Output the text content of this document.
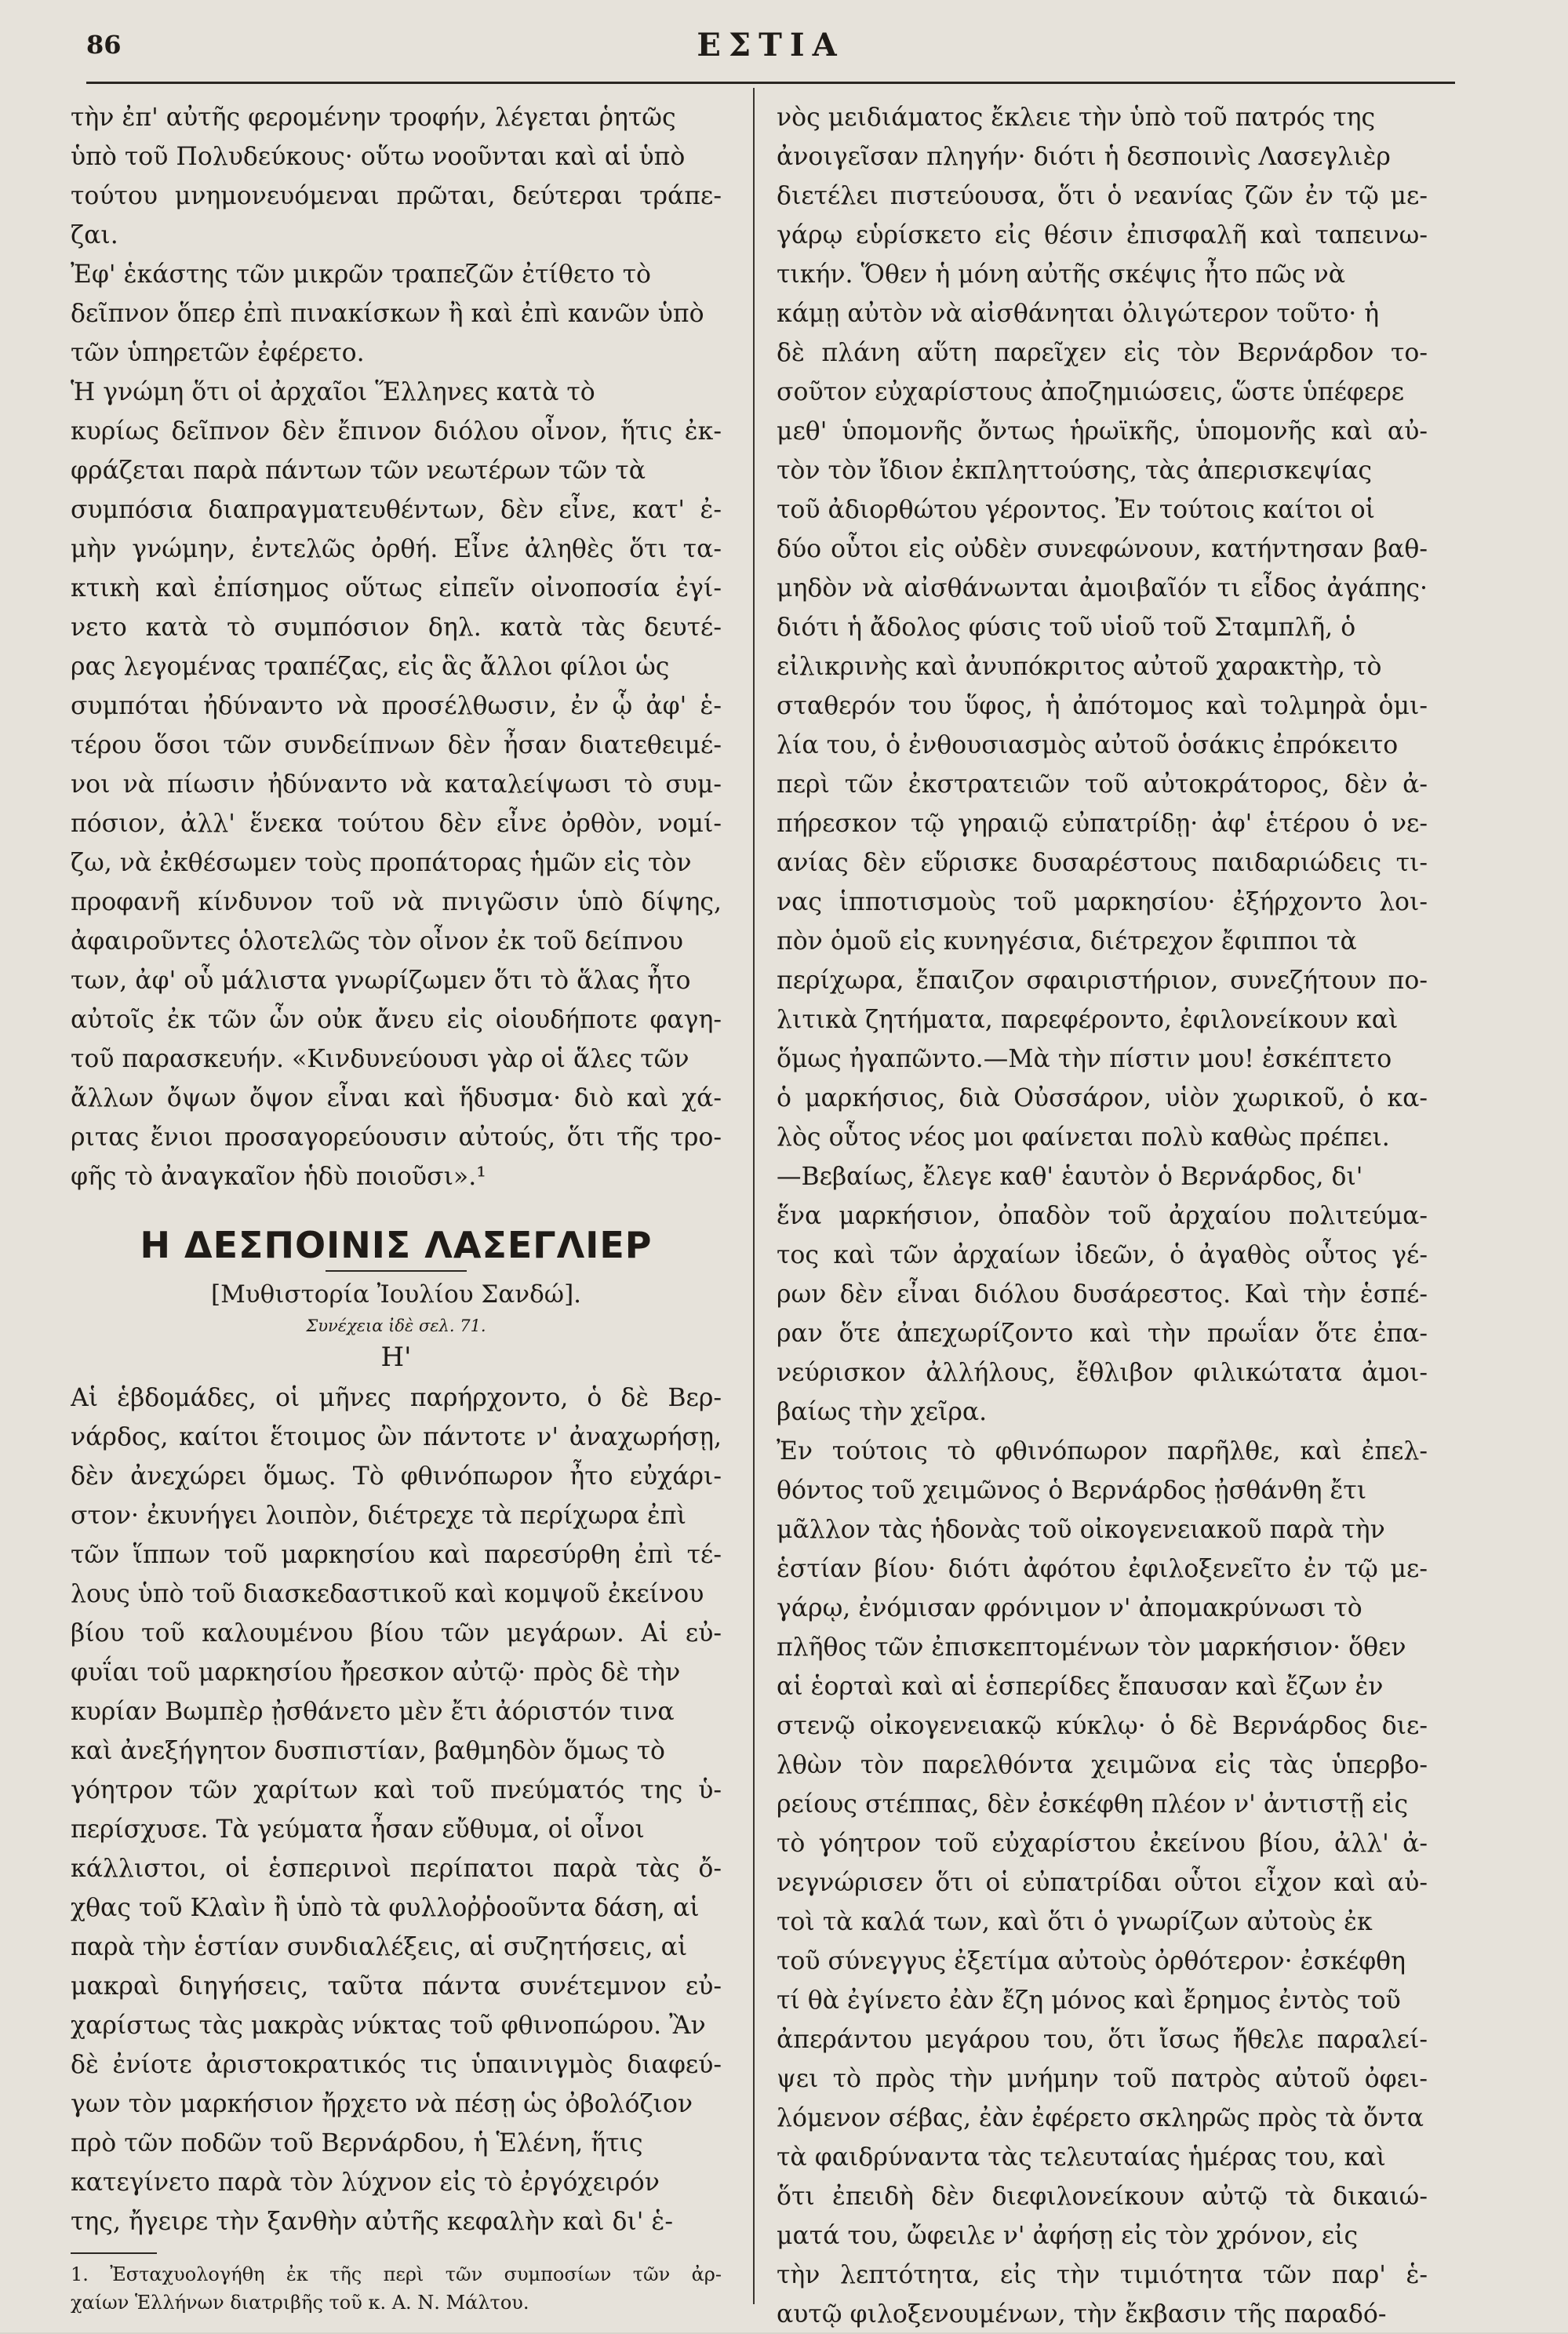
86	ΕΣΤΙΑ
τὴν ἐπ' αὐτῆς φερομένην τροφήν, λέγεται ῥητῶς
ὑπὸ τοῦ Πολυδεύκους· οὕτω νοοῦνται καὶ αἱ ὑπὸ
τούτου μνημονευόμεναι πρῶται, δεύτεραι τράπε-
ζαι.
Ἐφ' ἑκάστης τῶν μικρῶν τραπεζῶν ἐτίθετο τὸ
δεῖπνον ὅπερ ἐπὶ πινακίσκων ἢ καὶ ἐπὶ κανῶν ὑπὸ
τῶν ὑπηρετῶν ἐφέρετο.
Ἡ γνώμη ὅτι οἱ ἀρχαῖοι Ἕλληνες κατὰ τὸ
κυρίως δεῖπνον δὲν ἔπινον διόλου οἶνον, ἥτις ἐκ-
φράζεται παρὰ πάντων τῶν νεωτέρων τῶν τὰ
συμπόσια διαπραγματευθέντων, δὲν εἶνε, κατ' ἐ-
μὴν γνώμην, ἐντελῶς ὀρθή. Εἶνε ἀληθὲς ὅτι τα-
κτικὴ καὶ ἐπίσημος οὕτως εἰπεῖν οἰνοποσία ἐγί-
νετο κατὰ τὸ συμπόσιον δηλ. κατὰ τὰς δευτέ-
ρας λεγομένας τραπέζας, εἰς ἃς ἄλλοι φίλοι ὡς
συμπόται ἠδύναντο νὰ προσέλθωσιν, ἐν ᾧ ἀφ' ἑ-
τέρου ὅσοι τῶν συνδείπνων δὲν ἦσαν διατεθειμέ-
νοι νὰ πίωσιν ἠδύναντο νὰ καταλείψωσι τὸ συμ-
πόσιον, ἀλλ' ἕνεκα τούτου δὲν εἶνε ὀρθὸν, νομί-
ζω, νὰ ἐκθέσωμεν τοὺς προπάτορας ἡμῶν εἰς τὸν
προφανῆ κίνδυνον τοῦ νὰ πνιγῶσιν ὑπὸ δίψης,
ἀφαιροῦντες ὁλοτελῶς τὸν οἶνον ἐκ τοῦ δείπνου
των, ἀφ' οὗ μάλιστα γνωρίζωμεν ὅτι τὸ ἅλας ἦτο
αὐτοῖς ἐκ τῶν ὧν οὐκ ἄνευ εἰς οἱουδήποτε φαγη-
τοῦ παρασκευήν. «Κινδυνεύουσι γὰρ οἱ ἅλες τῶν
ἄλλων ὄψων ὄψον εἶναι καὶ ἥδυσμα· διὸ καὶ χά-
ριτας ἔνιοι προσαγορεύουσιν αὐτούς, ὅτι τῆς τρο-
φῆς τὸ ἀναγκαῖον ἡδὺ ποιοῦσι».¹
Η ΔΕΣΠΟΙΝΙΣ ΛΑΣΕΓΛΙΕΡ
[Μυθιστορία Ἰουλίου Σανδώ].
Συνέχεια ἰδὲ σελ. 71.
Η'
Αἱ ἑβδομάδες, οἱ μῆνες παρήρχοντο, ὁ δὲ Βερ-
νάρδος, καίτοι ἕτοιμος ὢν πάντοτε ν' ἀναχωρήσῃ,
δὲν ἀνεχώρει ὅμως. Τὸ φθινόπωρον ἦτο εὐχάρι-
στον· ἐκυνήγει λοιπὸν, διέτρεχε τὰ περίχωρα ἐπὶ
τῶν ἵππων τοῦ μαρκησίου καὶ παρεσύρθη ἐπὶ τέ-
λους ὑπὸ τοῦ διασκεδαστικοῦ καὶ κομψοῦ ἐκείνου
βίου τοῦ καλουμένου βίου τῶν μεγάρων. Αἱ εὐ-
φυΐαι τοῦ μαρκησίου ἤρεσκον αὐτῷ· πρὸς δὲ τὴν
κυρίαν Βωμπὲρ ᾐσθάνετο μὲν ἔτι ἀόριστόν τινα
καὶ ἀνεξήγητον δυσπιστίαν, βαθμηδὸν ὅμως τὸ
γόητρον τῶν χαρίτων καὶ τοῦ πνεύματός της ὑ-
περίσχυσε. Τὰ γεύματα ἦσαν εὔθυμα, οἱ οἶνοι
κάλλιστοι, οἱ ἑσπερινοὶ περίπατοι παρὰ τὰς ὄ-
χθας τοῦ Κλαὶν ἢ ὑπὸ τὰ φυλλοῤῥοοῦντα δάση, αἱ
παρὰ τὴν ἑστίαν συνδιαλέξεις, αἱ συζητήσεις, αἱ
μακραὶ διηγήσεις, ταῦτα πάντα συνέτεμνον εὐ-
χαρίστως τὰς μακρὰς νύκτας τοῦ φθινοπώρου. Ἂν
δὲ ἐνίοτε ἀριστοκρατικός τις ὑπαινιγμὸς διαφεύ-
γων τὸν μαρκήσιον ἤρχετο νὰ πέσῃ ὡς ὀβολόζιον
πρὸ τῶν ποδῶν τοῦ Βερνάρδου, ἡ Ἑλένη, ἥτις
κατεγίνετο παρὰ τὸν λύχνον εἰς τὸ ἐργόχειρόν
της, ἤγειρε τὴν ξανθὴν αὐτῆς κεφαλὴν καὶ δι' ἑ-
1. Ἐσταχυολογήθη ἐκ τῆς περὶ τῶν συμποσίων τῶν ἀρ-
χαίων Ἑλλήνων διατριβῆς τοῦ κ. Α. Ν. Μάλτου.
νὸς μειδιάματος ἔκλειε τὴν ὑπὸ τοῦ πατρός της
ἀνοιγεῖσαν πληγήν· διότι ἡ δεσποινὶς Λασεγλιὲρ
διετέλει πιστεύουσα, ὅτι ὁ νεανίας ζῶν ἐν τῷ με-
γάρῳ εὑρίσκετο εἰς θέσιν ἐπισφαλῆ καὶ ταπεινω-
τικήν. Ὅθεν ἡ μόνη αὐτῆς σκέψις ἦτο πῶς νὰ
κάμῃ αὐτὸν νὰ αἰσθάνηται ὀλιγώτερον τοῦτο· ἡ
δὲ πλάνη αὕτη παρεῖχεν εἰς τὸν Βερνάρδον το-
σοῦτον εὐχαρίστους ἀποζημιώσεις, ὥστε ὑπέφερε
μεθ' ὑπομονῆς ὄντως ἡρωϊκῆς, ὑπομονῆς καὶ αὐ-
τὸν τὸν ἴδιον ἐκπληττούσης, τὰς ἀπερισκεψίας
τοῦ ἀδιορθώτου γέροντος. Ἐν τούτοις καίτοι οἱ
δύο οὗτοι εἰς οὐδὲν συνεφώνουν, κατήντησαν βαθ-
μηδὸν νὰ αἰσθάνωνται ἀμοιβαῖόν τι εἶδος ἀγάπης·
διότι ἡ ἄδολος φύσις τοῦ υἱοῦ τοῦ Σταμπλῆ, ὁ
εἰλικρινὴς καὶ ἀνυπόκριτος αὐτοῦ χαρακτὴρ, τὸ
σταθερόν του ὕφος, ἡ ἀπότομος καὶ τολμηρὰ ὁμι-
λία του, ὁ ἐνθουσιασμὸς αὐτοῦ ὁσάκις ἐπρόκειτο
περὶ τῶν ἐκστρατειῶν τοῦ αὐτοκράτορος, δὲν ἀ-
πήρεσκον τῷ γηραιῷ εὐπατρίδῃ· ἀφ' ἑτέρου ὁ νε-
ανίας δὲν εὕρισκε δυσαρέστους παιδαριώδεις τι-
νας ἱπποτισμοὺς τοῦ μαρκησίου· ἐξήρχοντο λοι-
πὸν ὁμοῦ εἰς κυνηγέσια, διέτρεχον ἔφιπποι τὰ
περίχωρα, ἔπαιζον σφαιριστήριον, συνεζήτουν πο-
λιτικὰ ζητήματα, παρεφέροντο, ἐφιλονείκουν καὶ
ὅμως ἠγαπῶντο.—Μὰ τὴν πίστιν μου! ἐσκέπτετο
ὁ μαρκήσιος, διὰ Οὐσσάρον, υἱὸν χωρικοῦ, ὁ κα-
λὸς οὗτος νέος μοι φαίνεται πολὺ καθὼς πρέπει.
—Βεβαίως, ἔλεγε καθ' ἑαυτὸν ὁ Βερνάρδος, δι'
ἕνα μαρκήσιον, ὀπαδὸν τοῦ ἀρχαίου πολιτεύμα-
τος καὶ τῶν ἀρχαίων ἰδεῶν, ὁ ἀγαθὸς οὗτος γέ-
ρων δὲν εἶναι διόλου δυσάρεστος. Καὶ τὴν ἑσπέ-
ραν ὅτε ἀπεχωρίζοντο καὶ τὴν πρωΐαν ὅτε ἐπα-
νεύρισκον ἀλλήλους, ἔθλιβον φιλικώτατα ἀμοι-
βαίως τὴν χεῖρα.
Ἐν τούτοις τὸ φθινόπωρον παρῆλθε, καὶ ἐπελ-
θόντος τοῦ χειμῶνος ὁ Βερνάρδος ᾐσθάνθη ἔτι
μᾶλλον τὰς ἡδονὰς τοῦ οἰκογενειακοῦ παρὰ τὴν
ἑστίαν βίου· διότι ἀφότου ἐφιλοξενεῖτο ἐν τῷ με-
γάρῳ, ἐνόμισαν φρόνιμον ν' ἀπομακρύνωσι τὸ
πλῆθος τῶν ἐπισκεπτομένων τὸν μαρκήσιον· ὅθεν
αἱ ἑορταὶ καὶ αἱ ἑσπερίδες ἔπαυσαν καὶ ἔζων ἐν
στενῷ οἰκογενειακῷ κύκλῳ· ὁ δὲ Βερνάρδος διε-
λθὼν τὸν παρελθόντα χειμῶνα εἰς τὰς ὑπερβο-
ρείους στέππας, δὲν ἐσκέφθη πλέον ν' ἀντιστῇ εἰς
τὸ γόητρον τοῦ εὐχαρίστου ἐκείνου βίου, ἀλλ' ἀ-
νεγνώρισεν ὅτι οἱ εὐπατρίδαι οὗτοι εἶχον καὶ αὐ-
τοὶ τὰ καλά των, καὶ ὅτι ὁ γνωρίζων αὐτοὺς ἐκ
τοῦ σύνεγγυς ἐξετίμα αὐτοὺς ὀρθότερον· ἐσκέφθη
τί θὰ ἐγίνετο ἐὰν ἔζη μόνος καὶ ἔρημος ἐντὸς τοῦ
ἀπεράντου μεγάρου του, ὅτι ἴσως ἤθελε παραλεί-
ψει τὸ πρὸς τὴν μνήμην τοῦ πατρὸς αὐτοῦ ὀφει-
λόμενον σέβας, ἐὰν ἐφέρετο σκληρῶς πρὸς τὰ ὄντα
τὰ φαιδρύναντα τὰς τελευταίας ἡμέρας του, καὶ
ὅτι ἐπειδὴ δὲν διεφιλονείκουν αὐτῷ τὰ δικαιώ-
ματά του, ὤφειλε ν' ἀφήσῃ εἰς τὸν χρόνον, εἰς
τὴν λεπτότητα, εἰς τὴν τιμιότητα τῶν παρ' ἑ-
αυτῷ φιλοξενουμένων, τὴν ἔκβασιν τῆς παραδό-
